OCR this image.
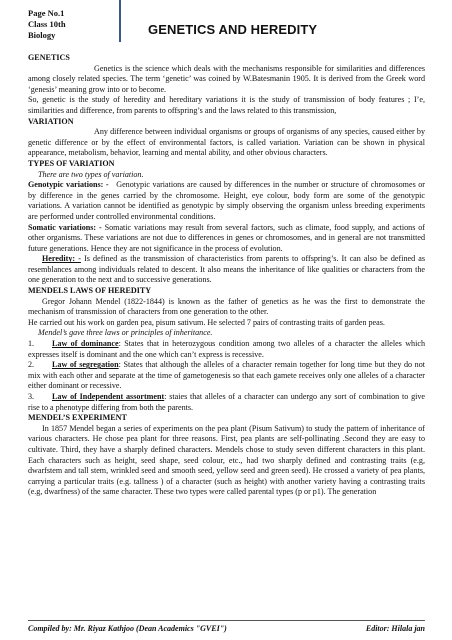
Page No.1
Class 10th
Biology	GENETICS AND HEREDITY

GENETICS

Genetics is the science which deals with the mechanisms responsible for similarities and differences among closely related species. The term ‘genetic’ was coined by W.Batesmanin 1905. It is derived from the Greek word ‘genesis’ meaning grow into or to become.

So, genetic is the study of heredity and hereditary variations it is the study of transmission of body features ; I’e, similarities and difference, from parents to offspring’s and the laws related to this transmission,

VARIATION

Any difference between individual organisms or groups of organisms of any species, caused either by genetic difference or by the effect of environmental factors, is called variation. Variation can be shown in physical appearance, metabolism, behavior, learning and mental ability, and other obvious characters.

TYPES OF VARIATION

There are two types of variation.

Genotypic variations: - Genotypic variations are caused by differences in the number or structure of chromosomes or by difference in the genes carried by the chromosome. Height, eye colour, body form are some of the genotypic variations. A variation cannot be identified as genotypic by simply observing the organism unless breeding experiments are performed under controlled environmental conditions.

Somatic variations: - Somatic variations may result from several factors, such as climate, food supply, and actions of other organisms. These variations are not due to differences in genes or chromosomes, and in general are not transmitted future generations. Hence they are not significance in the process of evolution.

Heredity: - Is defined as the transmission of characteristics from parents to offspring’s. It can also be defined as resemblances among individuals related to descent. It also means the inheritance of like qualities or characters from the one generation to the next and to successive generations.

MENDELS LAWS OF HEREDITY

Gregor Johann Mendel (1822-1844) is known as the father of genetics as he was the first to demonstrate the mechanism of transmission of characters from one generation to the other.

He carried out his work on garden pea, pisum sativum. He selected 7 pairs of contrasting traits of garden peas.

Mendel’s gave three laws or principles of inheritance.

1. Law of dominance: States that in heterozygous condition among two alleles of a character the alleles which expresses itself is dominant and the one which can’t express is recessive.

2. Law of segregation: States that although the alleles of a character remain together for long time but they do not mix with each other and separate at the time of gametogenesis so that each gamete receives only one alleles of a character either dominant or recessive.

3. Law of Independent assortment: staies that alleles of a character can undergo any sort of combination to give rise to a phenotype differing from both the parents.

MENDEL’S EXPERIMENT

In 1857 Mendel began a series of experiments on the pea plant (Pisum Sativum) to study the pattern of inheritance of various characters. He chose pea plant for three reasons. First, pea plants are self-pollinating .Second they are easy to cultivate. Third, they have a sharply defined characters. Mendels chose to study seven different characters in this plant. Each characters such as height, seed shape, seed colour, etc., had two sharply defined and contrasting traits (e.g, dwarfstem and tall stem, wrinkled seed and smooth seed, yellow seed and green seed). He crossed a variety of pea plants, carrying a particular traits (e.g. tallness ) of a character (such as height) with another variety having a contrasting traits (e.g, dwarfness) of the same character. These two types were called parental types (p or p1). The generation

Compiled by: Mr. Riyaz Kathjoo (Dean Academics "GVEI")	Editor: Hilala jan
